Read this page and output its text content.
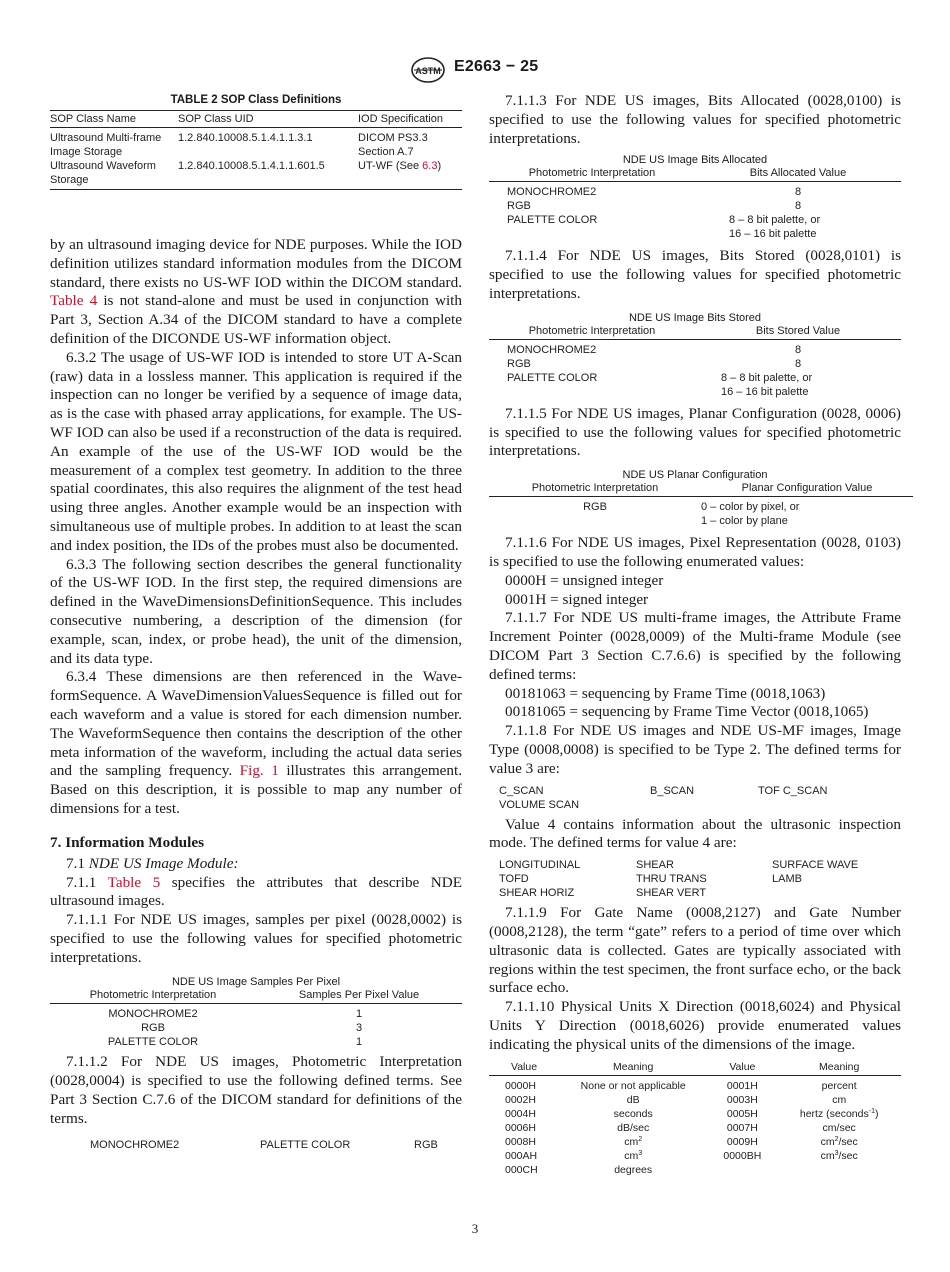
ASTM E2663 − 25
TABLE 2 SOP Class Definitions
SOP Class Name	SOP Class UID	IOD Specification
Ultrasound Multi-frame	1.2.840.10008.5.1.4.1.1.3.1	DICOM PS3.3
Image Storage		Section A.7
Ultrasound Waveform	1.2.840.10008.5.1.4.1.1.601.5	UT-WF (See 6.3)
Storage		

by an ultrasound imaging device for NDE purposes. While the IOD definition utilizes standard information modules from the DICOM standard, there exists no US-WF IOD within the DICOM standard. Table 4 is not stand-alone and must be used in conjunction with Part 3, Section A.34 of the DICOM standard to have a complete definition of the DICONDE US-WF information object.

6.3.2 The usage of US-WF IOD is intended to store UT A-Scan (raw) data in a lossless manner. This application is required if the inspection can no longer be verified by a sequence of image data, as is the case with phased array applications, for example. The US-WF IOD can also be used if a reconstruction of the data is required. An example of the use of the US-WF IOD would be the measurement of a complex test geometry. In addition to the three spatial coordinates, this also requires the alignment of the test head using three angles. Another example would be an inspection with simultaneous use of multiple probes. In addition to at least the scan and index position, the IDs of the probes must also be documented.

6.3.3 The following section describes the general functionality of the US-WF IOD. In the first step, the required dimensions are defined in the WaveDimensionsDefinitionSequence. This includes consecutive numbering, a description of the dimension (for example, scan, index, or probe head), the unit of the dimension, and its data type.

6.3.4 These dimensions are then referenced in the WaveformSequence. A WaveDimensionValuesSequence is filled out for each waveform and a value is stored for each dimension number. The WaveformSequence then contains the description of the other meta information of the waveform, including the actual data series and the sampling frequency. Fig. 1 illustrates this arrangement. Based on this description, it is possible to map any number of dimensions for a test.

7. Information Modules

7.1 NDE US Image Module:

7.1.1 Table 5 specifies the attributes that describe NDE ultrasound images.

7.1.1.1 For NDE US images, samples per pixel (0028,0002) is specified to use the following values for specified photometric interpretations.

NDE US Image Samples Per Pixel

Photometric Interpretation	Samples Per Pixel Value
MONOCHROME2	1
RGB	3
PALETTE COLOR	1

7.1.1.2 For NDE US images, Photometric Interpretation (0028,0004) is specified to use the following defined terms. See Part 3 Section C.7.6 of the DICOM standard for definitions of the terms.

MONOCHROME2	PALETTE COLOR	RGB

7.1.1.3 For NDE US images, Bits Allocated (0028,0100) is specified to use the following values for specified photometric interpretations.

NDE US Image Bits Allocated

Photometric Interpretation	Bits Allocated Value
MONOCHROME2	8
RGB	8
PALETTE COLOR	8 – 8 bit palette, or
	16 – 16 bit palette

7.1.1.4 For NDE US images, Bits Stored (0028,0101) is specified to use the following values for specified photometric interpretations.

NDE US Image Bits Stored

Photometric Interpretation	Bits Stored Value
MONOCHROME2	8
RGB	8
PALETTE COLOR	8 – 8 bit palette, or
	16 – 16 bit palette

7.1.1.5 For NDE US images, Planar Configuration (0028, 0006) is specified to use the following values for specified photometric interpretations.

NDE US Planar Configuration

Photometric Interpretation	Planar Configuration Value
RGB	0 – color by pixel, or
	1 – color by plane

7.1.1.6 For NDE US images, Pixel Representation (0028, 0103) is specified to use the following enumerated values:

0000H = unsigned integer

0001H = signed integer

7.1.1.7 For NDE US multi-frame images, the Attribute Frame Increment Pointer (0028,0009) of the Multi-frame Module (see DICOM Part 3 Section C.7.6.6) is specified by the following defined terms:

00181063 = sequencing by Frame Time (0018,1063)

00181065 = sequencing by Frame Time Vector (0018,1065)

7.1.1.8 For NDE US images and NDE US-MF images, Image Type (0008,0008) is specified to be Type 2. The defined terms for value 3 are:

C_SCAN	B_SCAN	TOF C_SCAN
VOLUME SCAN

Value 4 contains information about the ultrasonic inspection mode. The defined terms for value 4 are:

LONGITUDINAL	SHEAR	SURFACE WAVE
TOFD	THRU TRANS	LAMB
SHEAR HORIZ	SHEAR VERT

7.1.1.9 For Gate Name (0008,2127) and Gate Number (0008,2128), the term “gate” refers to a period of time over which ultrasonic data is collected. Gates are typically associated with regions within the test specimen, the front surface echo, or the back surface echo.

7.1.1.10 Physical Units X Direction (0018,6024) and Physical Units Y Direction (0018,6026) provide enumerated values indicating the physical units of the dimensions of the image.

Value	Meaning	Value	Meaning
0000H	None or not applicable	0001H	percent
0002H	dB	0003H	cm
0004H	seconds	0005H	hertz (seconds$^{-1}$)
0006H	dB/sec	0007H	cm/sec
0008H	$cm^2$	0009H	$cm^2/\sec$
000AH	$cm^3$	0000BH	$cm^3/\sec$
000CH	degrees		
3
